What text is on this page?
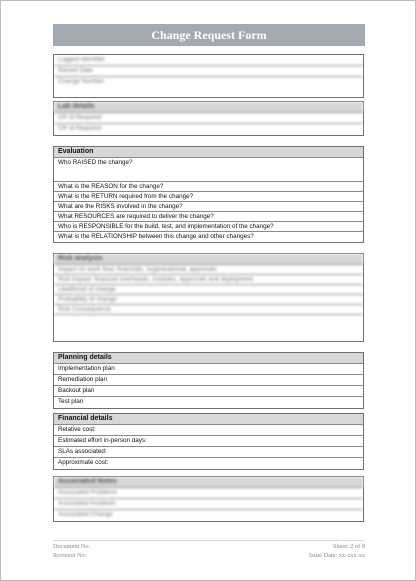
Change Request Form
Logged Identifier
Raised Date
Change Number
Lab details
CR Id Required
CR Id Required
Evaluation
Who RAISED the change?
What is the REASON for the change?
What is the RETURN required from the change?
What are the RISKS involved in the change?
What RESOURCES are required to deliver the change?
Who is RESPONSIBLE for the build, test, and implementation of the change?
What is the RELATIONSHIP between this change and other changes?
Risk analysis
Impact on work flow, financials, organisational, approvals
Risk Impact: financial overheads, modules, approvals and deployment
Likelihood of change
Probability of change
Risk Consequence
Planning details
Implementation plan
Remediation plan
Backout plan
Test plan
Financial details
Relative cost:
Estimated effort in-person days:
SLAs associated:
Approximate cost:
Associated Notes
Associated Problems
Associated Incidents
Associated Change
Document No:
Revision No:
Sheet: 2 of 8
Issue Date: xx-xxx-xx
